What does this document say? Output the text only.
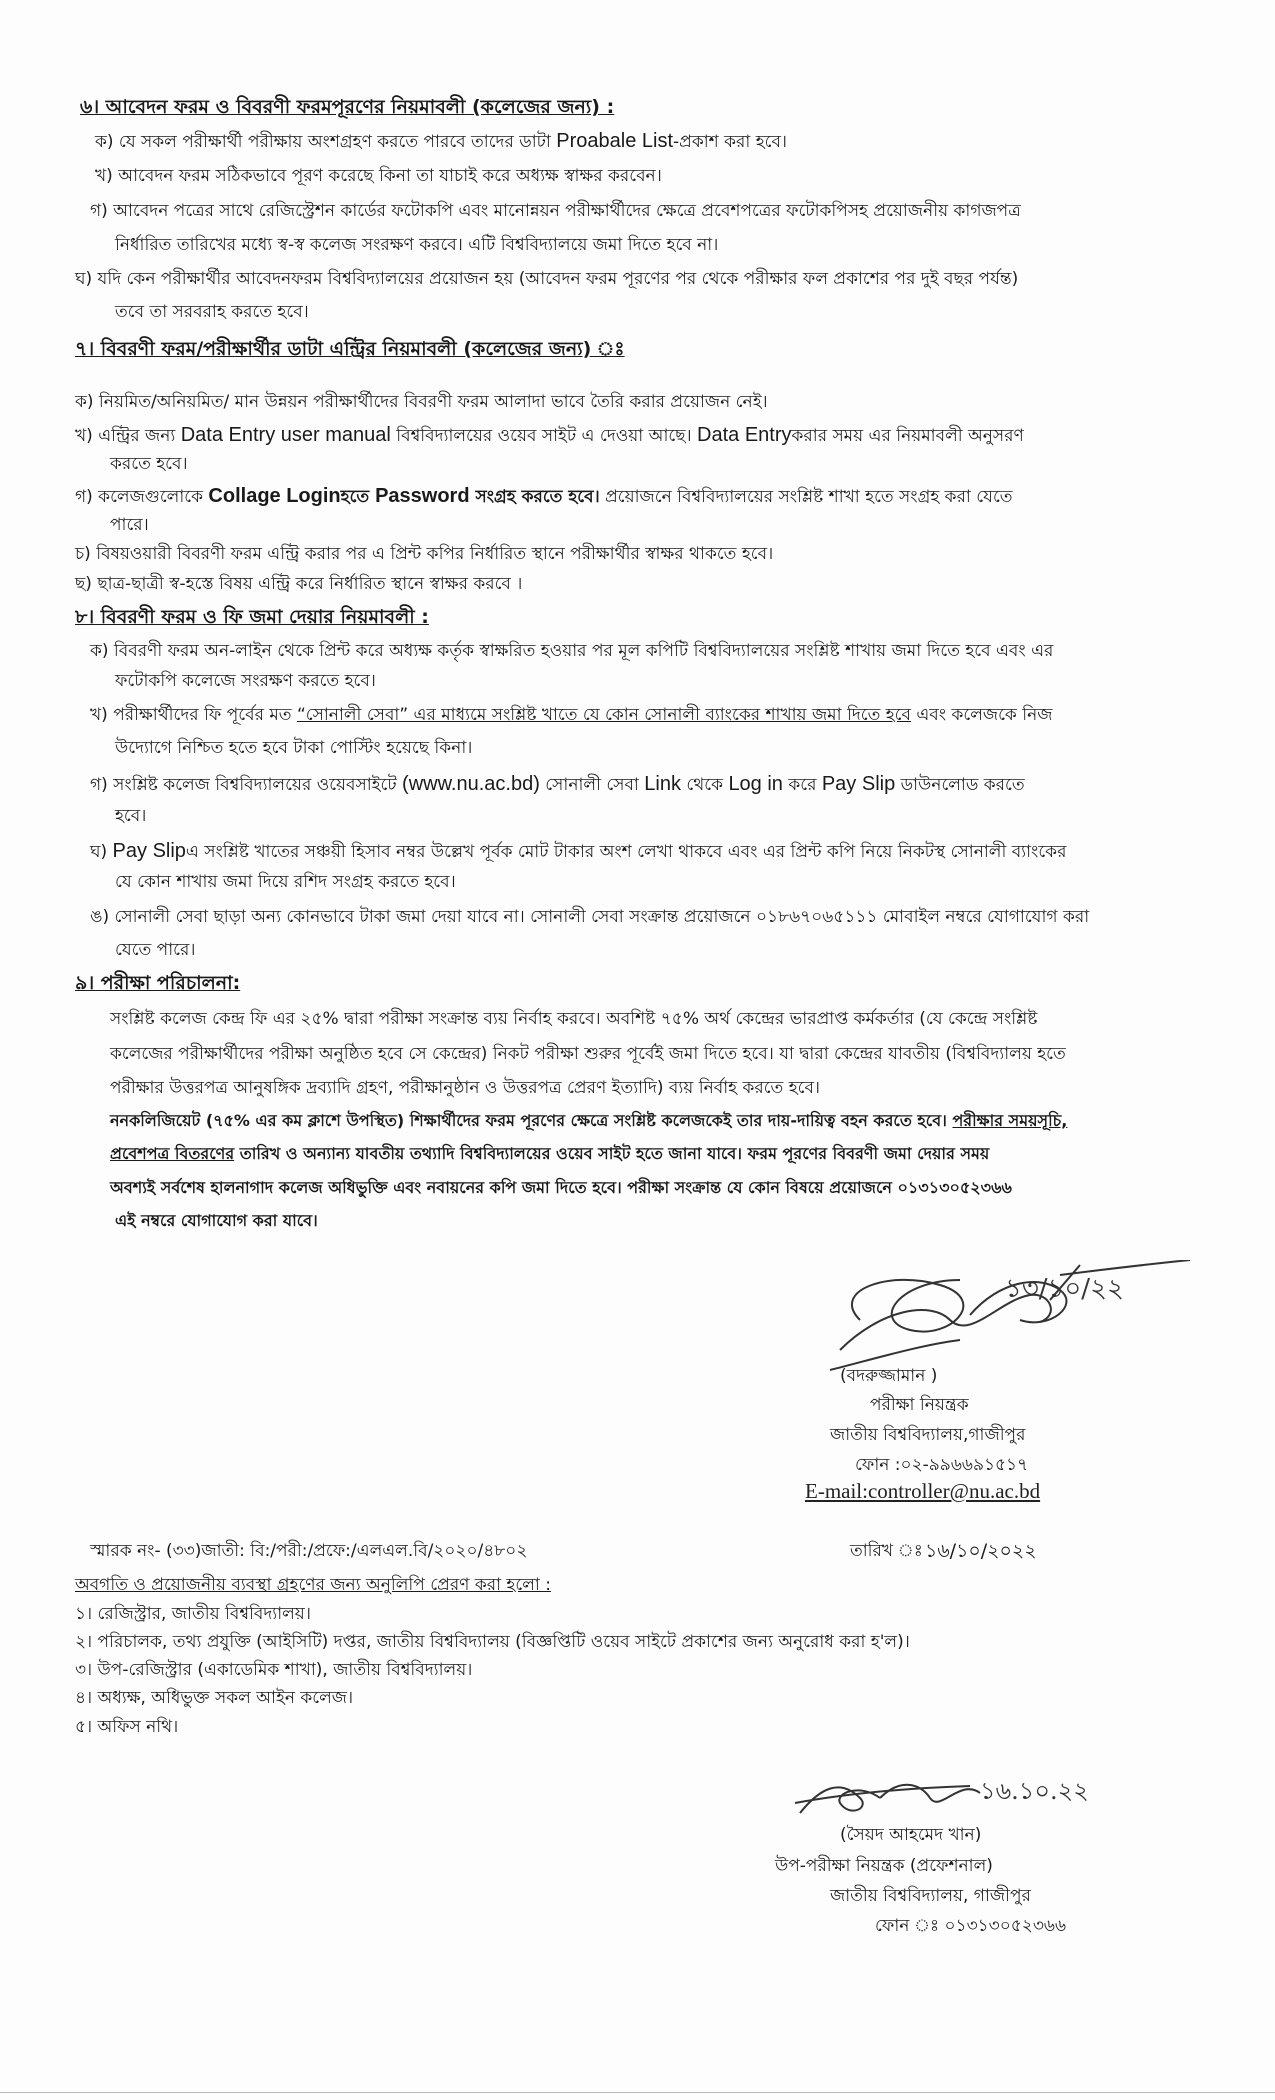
৬। আবেদন ফরম ও বিবরণী ফরমপূরণের নিয়মাবলী (কলেজের জন্য) :
ক) যে সকল পরীক্ষার্থী পরীক্ষায় অংশগ্রহণ করতে পারবে তাদের ডাটা Proabale List-প্রকাশ করা হবে।
খ) আবেদন ফরম সঠিকভাবে পূরণ করেছে কিনা তা যাচাই করে অধ্যক্ষ স্বাক্ষর করবেন।
গ) আবেদন পত্রের সাথে রেজিস্ট্রেশন কার্ডের ফটোকপি এবং মানোন্নয়ন পরীক্ষার্থীদের ক্ষেত্রে প্রবেশপত্রের ফটোকপিসহ প্রয়োজনীয় কাগজপত্র
নির্ধারিত তারিখের মধ্যে স্ব-স্ব কলেজ সংরক্ষণ করবে। এটি বিশ্ববিদ্যালয়ে জমা দিতে হবে না।
ঘ) যদি কেন পরীক্ষার্থীর আবেদনফরম বিশ্ববিদ্যালয়ের প্রয়োজন হয় (আবেদন ফরম পূরণের পর থেকে পরীক্ষার ফল প্রকাশের পর দুই বছর পর্যন্ত)
তবে তা সরবরাহ করতে হবে।
৭। বিবরণী ফরম/পরীক্ষার্থীর ডাটা এন্ট্রির নিয়মাবলী (কলেজের জন্য) ঃ
ক) নিয়মিত/অনিয়মিত/ মান উন্নয়ন পরীক্ষার্থীদের বিবরণী ফরম আলাদা ভাবে তৈরি করার প্রয়োজন নেই।
খ) এন্ট্রির জন্য Data Entry user manual বিশ্ববিদ্যালয়ের ওয়েব সাইট এ দেওয়া আছে। Data Entryকরার সময় এর নিয়মাবলী অনুসরণ
করতে হবে।
গ) কলেজগুলোকে Collage Loginহতে Password সংগ্রহ করতে হবে। প্রয়োজনে বিশ্ববিদ্যালয়ের সংশ্লিষ্ট শাখা হতে সংগ্রহ করা যেতে
পারে।
চ) বিষয়ওয়ারী বিবরণী ফরম এন্ট্রি করার পর এ প্রিন্ট কপির নির্ধারিত স্থানে পরীক্ষার্থীর স্বাক্ষর থাকতে হবে।
ছ) ছাত্র-ছাত্রী স্ব-হস্তে বিষয় এন্ট্রি করে নির্ধারিত স্থানে স্বাক্ষর করবে ।
৮। বিবরণী ফরম ও ফি জমা দেয়ার নিয়মাবলী :
ক) বিবরণী ফরম অন-লাইন থেকে প্রিন্ট করে অধ্যক্ষ কর্তৃক স্বাক্ষরিত হওয়ার পর মূল কপিটি বিশ্ববিদ্যালয়ের সংশ্লিষ্ট শাখায় জমা দিতে হবে এবং এর
ফটোকপি কলেজে সংরক্ষণ করতে হবে।
খ) পরীক্ষার্থীদের ফি পূর্বের মত “সোনালী সেবা” এর মাধ্যমে সংশ্লিষ্ট খাতে যে কোন সোনালী ব্যাংকের শাখায় জমা দিতে হবে এবং কলেজকে নিজ
উদ্যোগে নিশ্চিত হতে হবে টাকা পোস্টিং হয়েছে কিনা।
গ) সংশ্লিষ্ট কলেজ বিশ্ববিদ্যালয়ের ওয়েবসাইটে (www.nu.ac.bd) সোনালী সেবা Link থেকে Log in করে Pay Slip ডাউনলোড করতে
হবে।
ঘ) Pay Slipএ সংশ্লিষ্ট খাতের সঞ্চয়ী হিসাব নম্বর উল্লেখ পূর্বক মোট টাকার অংশ লেখা থাকবে এবং এর প্রিন্ট কপি নিয়ে নিকটস্থ সোনালী ব্যাংকের
যে কোন শাখায় জমা দিয়ে রশিদ সংগ্রহ করতে হবে।
ঙ) সোনালী সেবা ছাড়া অন্য কোনভাবে টাকা জমা দেয়া যাবে না। সোনালী সেবা সংক্রান্ত প্রয়োজনে ০১৮৬৭০৬৫১১১ মোবাইল নম্বরে যোগাযোগ করা
যেতে পারে।
৯। পরীক্ষা পরিচালনা:
সংশ্লিষ্ট কলেজ কেন্দ্র ফি এর ২৫% দ্বারা পরীক্ষা সংক্রান্ত ব্যয় নির্বাহ করবে। অবশিষ্ট ৭৫% অর্থ কেন্দ্রের ভারপ্রাপ্ত কর্মকর্তার (যে কেন্দ্রে সংশ্লিষ্ট
কলেজের পরীক্ষার্থীদের পরীক্ষা অনুষ্ঠিত হবে সে কেন্দ্রের) নিকট পরীক্ষা শুরুর পূর্বেই জমা দিতে হবে। যা দ্বারা কেন্দ্রের যাবতীয় (বিশ্ববিদ্যালয় হতে
পরীক্ষার উত্তরপত্র আনুষঙ্গিক দ্রব্যাদি গ্রহণ, পরীক্ষানুষ্ঠান ও উত্তরপত্র প্রেরণ ইত্যাদি) ব্যয় নির্বাহ করতে হবে।
ননকলিজিয়েট (৭৫% এর কম ক্লাশে উপস্থিত) শিক্ষার্থীদের ফরম পূরণের ক্ষেত্রে সংশ্লিষ্ট কলেজকেই তার দায়-দায়িত্ব বহন করতে হবে। পরীক্ষার সময়সূচি,
প্রবেশপত্র বিতরণের তারিখ ও অন্যান্য যাবতীয় তথ্যাদি বিশ্ববিদ্যালয়ের ওয়েব সাইট হতে জানা যাবে। ফরম পূরণের বিবরণী জমা দেয়ার সময়
অবশ্যই সর্বশেষ হালনাগাদ কলেজ অধিভুক্তি এবং নবায়নের কপি জমা দিতে হবে। পরীক্ষা সংক্রান্ত যে কোন বিষয়ে প্রয়োজনে ০১৩১৩০৫২৩৬৬
এই নম্বরে যোগাযোগ করা যাবে।
১৩/১০/২২
(বদরুজ্জামান )
পরীক্ষা নিয়ন্ত্রক
জাতীয় বিশ্ববিদ্যালয়,গাজীপুর
ফোন :০২-৯৯৬৬৯১৫১৭
E-mail:controller@nu.ac.bd
স্মারক নং- (৩৩)জাতী: বি:/পরী:/প্রফে:/এলএল.বি/২০২০/৪৮০২	তারিখ ঃ ১৬/১০/২০২২
অবগতি ও প্রয়োজনীয় ব্যবস্থা গ্রহণের জন্য অনুলিপি প্রেরণ করা হলো :
১। রেজিস্ট্রার, জাতীয় বিশ্ববিদ্যালয়।
২। পরিচালক, তথ্য প্রযুক্তি (আইসিটি) দপ্তর, জাতীয় বিশ্ববিদ্যালয় (বিজ্ঞপ্তিটি ওয়েব সাইটে প্রকাশের জন্য অনুরোধ করা হ'ল)।
৩। উপ-রেজিস্ট্রার (একাডেমিক শাখা), জাতীয় বিশ্ববিদ্যালয়।
৪। অধ্যক্ষ, অধিভুক্ত সকল আইন কলেজ।
৫। অফিস নথি।
১৬.১০.২২
(সৈয়দ আহমেদ খান)
উপ-পরীক্ষা নিয়ন্ত্রক (প্রফেশনাল)
জাতীয় বিশ্ববিদ্যালয়, গাজীপুর
ফোন ঃ ০১৩১৩০৫২৩৬৬
